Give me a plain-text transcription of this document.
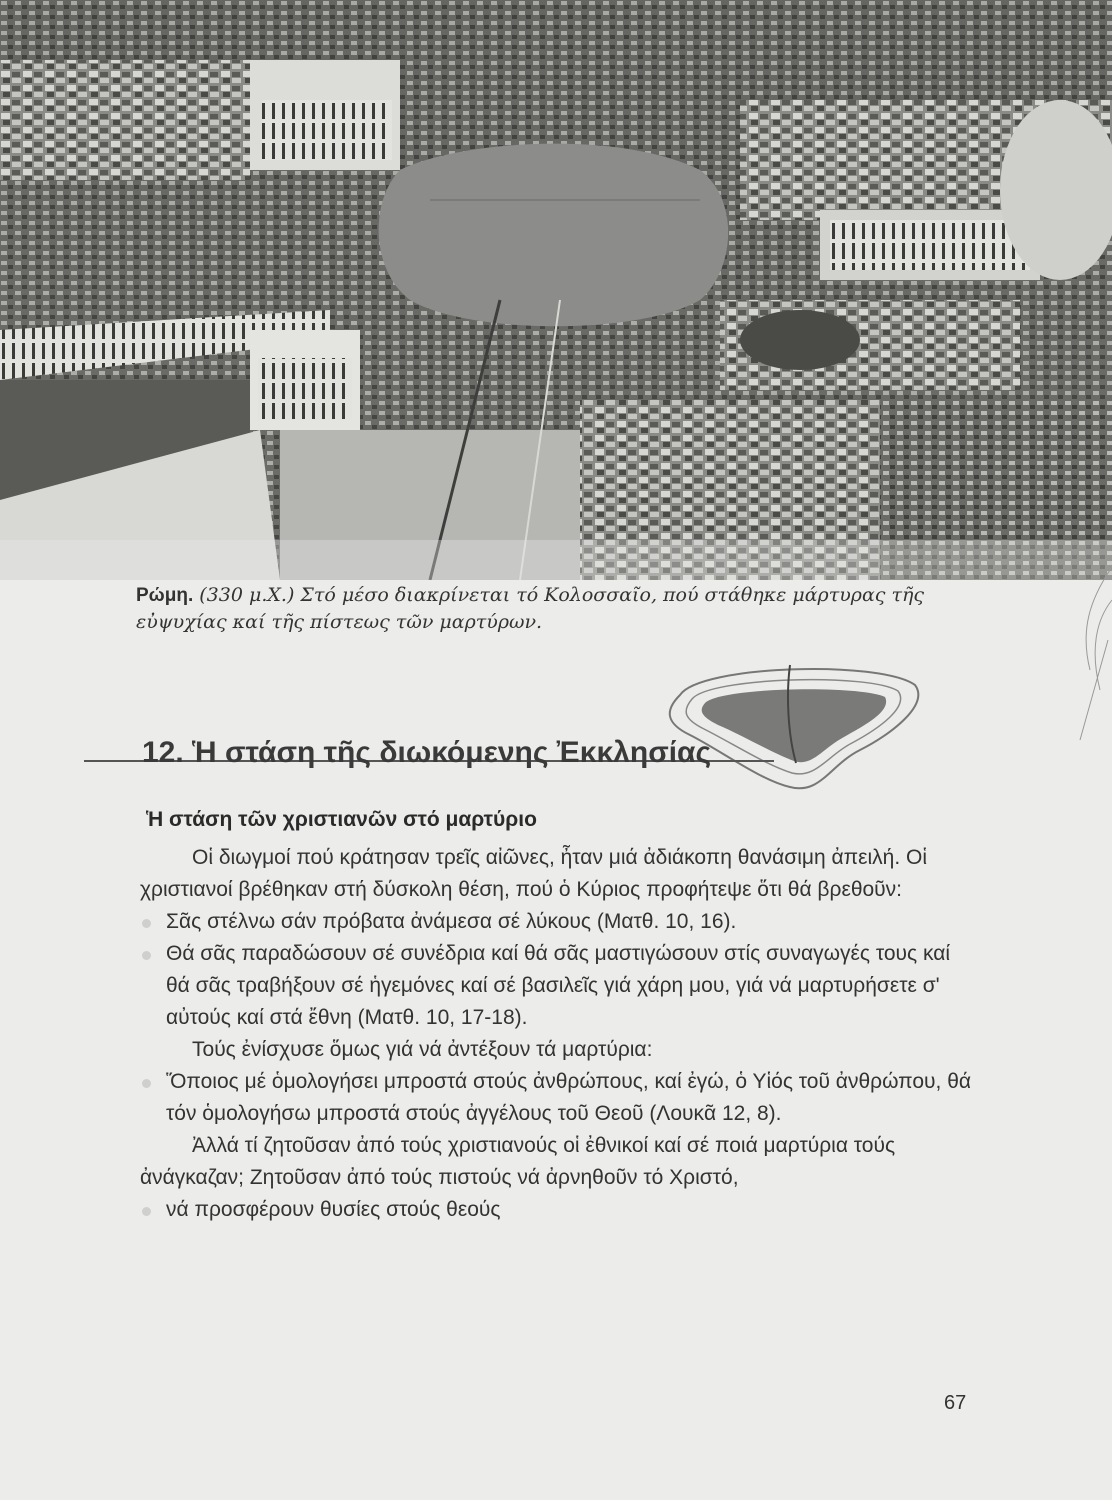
Ρώμη. (330 μ.Χ.) Στό μέσο διακρίνεται τό Κολοσσαῖο, πού στάθηκε μάρτυρας τῆς εὐψυχίας καί τῆς πίστεως τῶν μαρτύρων.
12. Ἡ στάση τῆς διωκόμενης Ἐκκλησίας
Ἡ στάση τῶν χριστιανῶν στό μαρτύριο

Οἱ διωγμοί πού κράτησαν τρεῖς αἰῶνες, ἦταν μιά ἀδιάκοπη θανάσιμη ἀπειλή. Οἱ χριστιανοί βρέθηκαν στή δύσκολη θέση, πού ὁ Κύριος προφήτεψε ὅτι θά βρεθοῦν:

Σᾶς στέλνω σάν πρόβατα ἀνάμεσα σέ λύκους (Ματθ. 10, 16).

Θά σᾶς παραδώσουν σέ συνέδρια καί θά σᾶς μαστιγώσουν στίς συναγωγές τους καί θά σᾶς τραβήξουν σέ ἡγεμόνες καί σέ βασιλεῖς γιά χάρη μου, γιά νά μαρτυρήσετε σ' αὐτούς καί στά ἔθνη (Ματθ. 10, 17-18).

Τούς ἐνίσχυσε ὅμως γιά νά ἀντέξουν τά μαρτύρια:

Ὅποιος μέ ὁμολογήσει μπροστά στούς ἀνθρώπους, καί ἐγώ, ὁ Υἱός τοῦ ἀνθρώπου, θά τόν ὁμολογήσω μπροστά στούς ἀγγέλους τοῦ Θεοῦ (Λουκᾶ 12, 8).

Ἀλλά τί ζητοῦσαν ἀπό τούς χριστιανούς οἱ ἐθνικοί καί σέ ποιά μαρτύρια τούς ἀνάγκαζαν; Ζητοῦσαν ἀπό τούς πιστούς νά ἀρνηθοῦν τό Χριστό,

νά προσφέρουν θυσίες στούς θεούς

67
